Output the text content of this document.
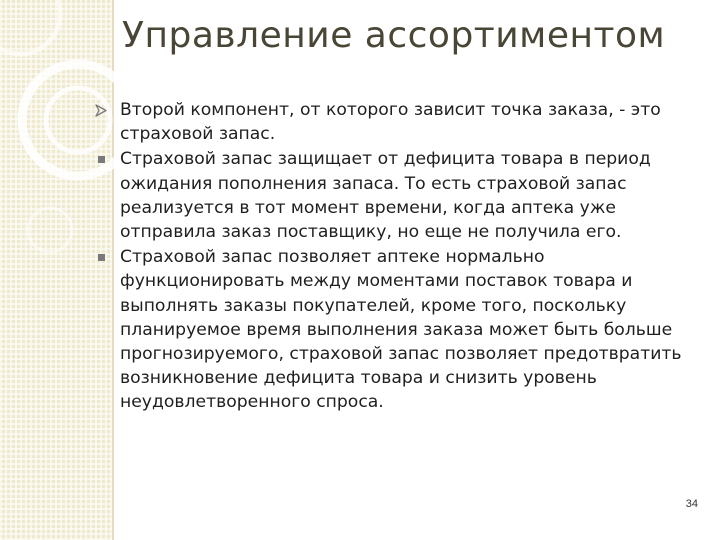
Управление ассортиментом
Второй компонент, от которого зависит точка заказа, - это страховой запас.
Страховой запас защищает от дефицита товара в период ожидания пополнения запаса. То есть страховой запас реализуется в тот момент времени, когда аптека уже отправила заказ поставщику, но еще не получила его.
Страховой запас позволяет аптеке нормально функционировать между моментами поставок товара и выполнять заказы покупателей, кроме того, поскольку планируемое время выполнения заказа может быть больше прогнозируемого, страховой запас позволяет предотвратить возникновение дефицита товара и снизить уровень неудовлетворенного спроса.
34
